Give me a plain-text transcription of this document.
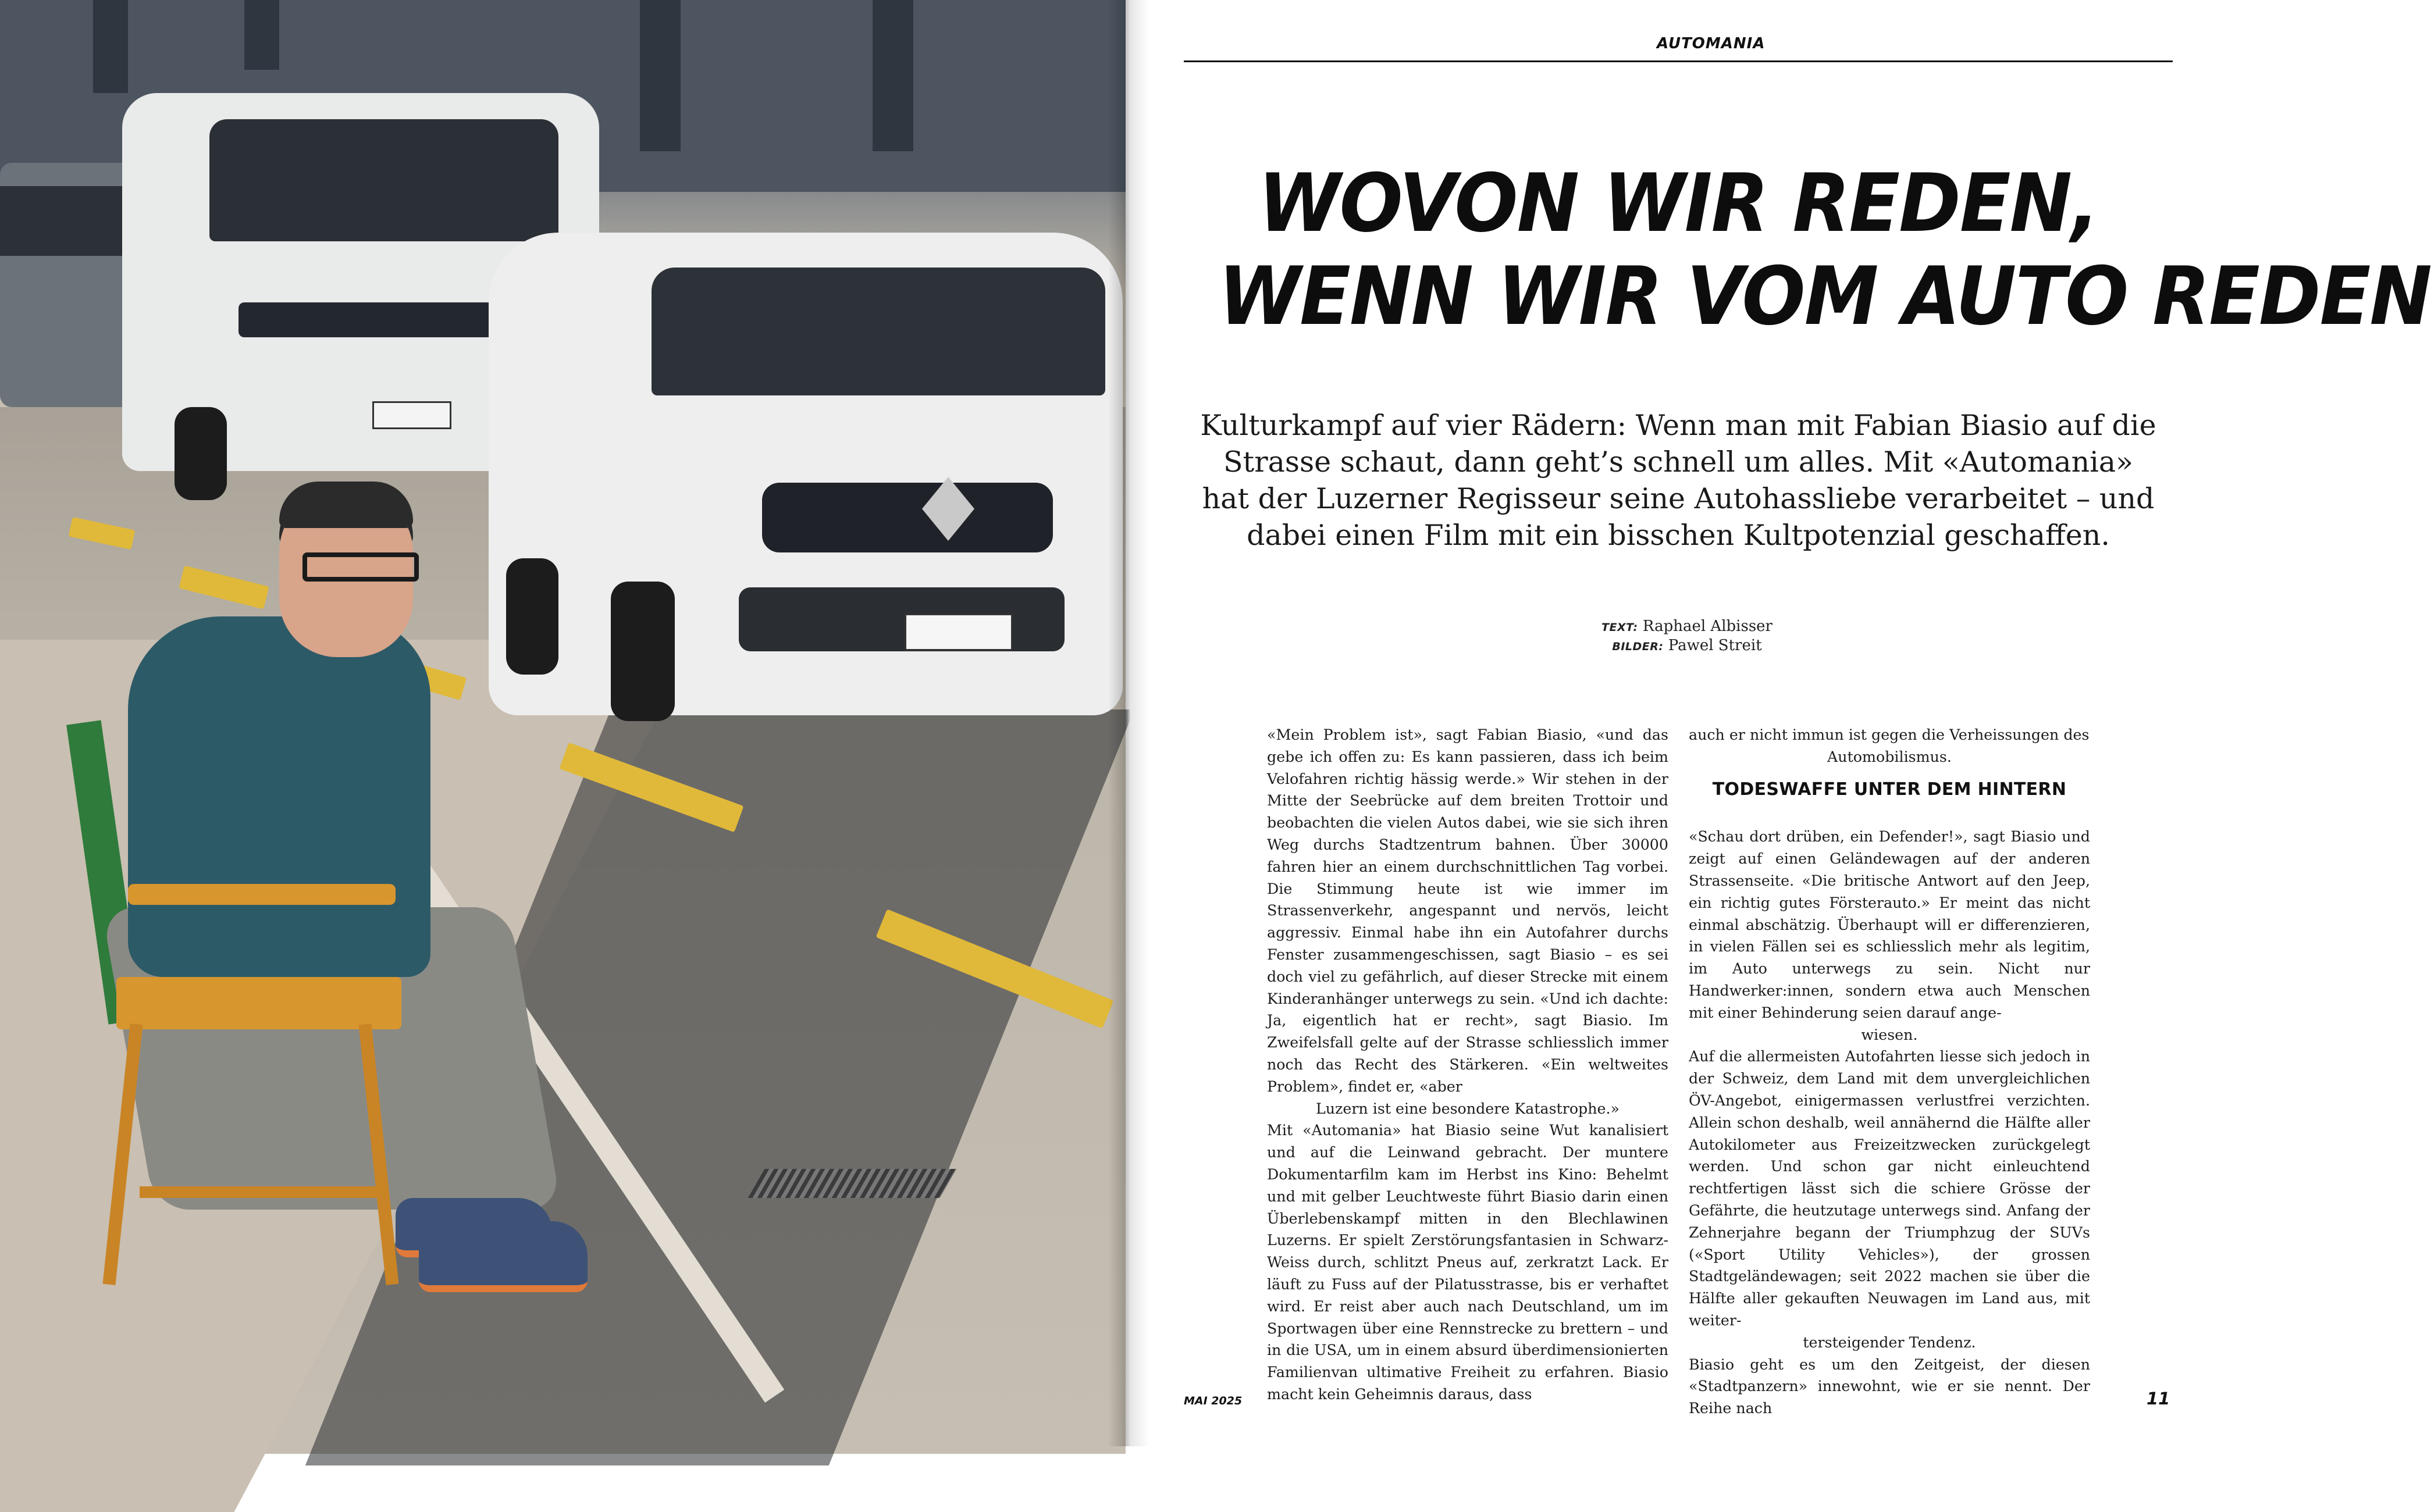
AUTOMANIA
WOVON WIR REDEN,
WENN WIR VOM AUTO REDEN
Kulturkampf auf vier Rädern: Wenn man mit Fabian Biasio auf die Strasse schaut, dann geht’s schnell um alles. Mit «Automania» hat der Luzerner Regisseur seine Autohassliebe verarbeitet – und dabei einen Film mit ein bisschen Kultpotenzial geschaffen.
TEXT: Raphael Albisser
BILDER: Pawel Streit

«Mein Problem ist», sagt Fabian Biasio, «und das gebe ich offen zu: Es kann passieren, dass ich beim Velofahren richtig hässig werde.» Wir stehen in der Mitte der Seebrücke auf dem breiten Trottoir und beobachten die vielen Autos dabei, wie sie sich ihren Weg durchs Stadtzentrum bahnen. Über 30000 fahren hier an einem durchschnittlichen Tag vorbei. Die Stimmung heute ist wie immer im Strassenverkehr, angespannt und nervös, leicht aggressiv. Einmal habe ihn ein Autofahrer durchs Fenster zusammengeschissen, sagt Biasio – es sei doch viel zu gefährlich, auf dieser Strecke mit einem Kinderanhänger unterwegs zu sein. «Und ich dachte: Ja, eigentlich hat er recht», sagt Biasio. Im Zweifelsfall gelte auf der Strasse schliesslich immer noch das Recht des Stärkeren. «Ein weltweites Problem», findet er, «aber

Luzern ist eine besondere Katastrophe.»

Mit «Automania» hat Biasio seine Wut kanalisiert und auf die Leinwand gebracht. Der muntere Dokumentarfilm kam im Herbst ins Kino: Behelmt und mit gelber Leuchtweste führt Biasio darin einen Überlebenskampf mitten in den Blechlawinen Luzerns. Er spielt Zerstörungsfantasien in Schwarz-Weiss durch, schlitzt Pneus auf, zerkratzt Lack. Er läuft zu Fuss auf der Pilatusstrasse, bis er verhaftet wird. Er reist aber auch nach Deutschland, um im Sportwagen über eine Rennstrecke zu brettern – und in die USA, um in einem absurd überdimensionierten Familienvan ultimative Freiheit zu erfahren. Biasio macht kein Geheimnis daraus, dass

auch er nicht immun ist gegen die Verheissungen des

Automobilismus.

TODESWAFFE UNTER DEM HINTERN

«Schau dort drüben, ein Defender!», sagt Biasio und zeigt auf einen Geländewagen auf der anderen Strassenseite. «Die britische Antwort auf den Jeep, ein richtig gutes Försterauto.» Er meint das nicht einmal abschätzig. Überhaupt will er differenzieren, in vielen Fällen sei es schliesslich mehr als legitim, im Auto unterwegs zu sein. Nicht nur Handwerker:innen, sondern etwa auch Menschen mit einer Behinderung seien darauf ange-

wiesen.

Auf die allermeisten Autofahrten liesse sich jedoch in der Schweiz, dem Land mit dem unvergleichlichen ÖV-Angebot, einigermassen verlustfrei verzichten. Allein schon deshalb, weil annähernd die Hälfte aller Autokilometer aus Freizeitzwecken zurückgelegt werden. Und schon gar nicht einleuchtend rechtfertigen lässt sich die schiere Grösse der Gefährte, die heutzutage unterwegs sind. Anfang der Zehnerjahre begann der Triumphzug der SUVs («Sport Utility Vehicles»), der grossen Stadtgeländewagen; seit 2022 machen sie über die Hälfte aller gekauften Neuwagen im Land aus, mit weiter-

tersteigender Tendenz.

Biasio geht es um den Zeitgeist, der diesen «Stadtpanzern» innewohnt, wie er sie nennt. Der Reihe nach

MAI 2025	11
